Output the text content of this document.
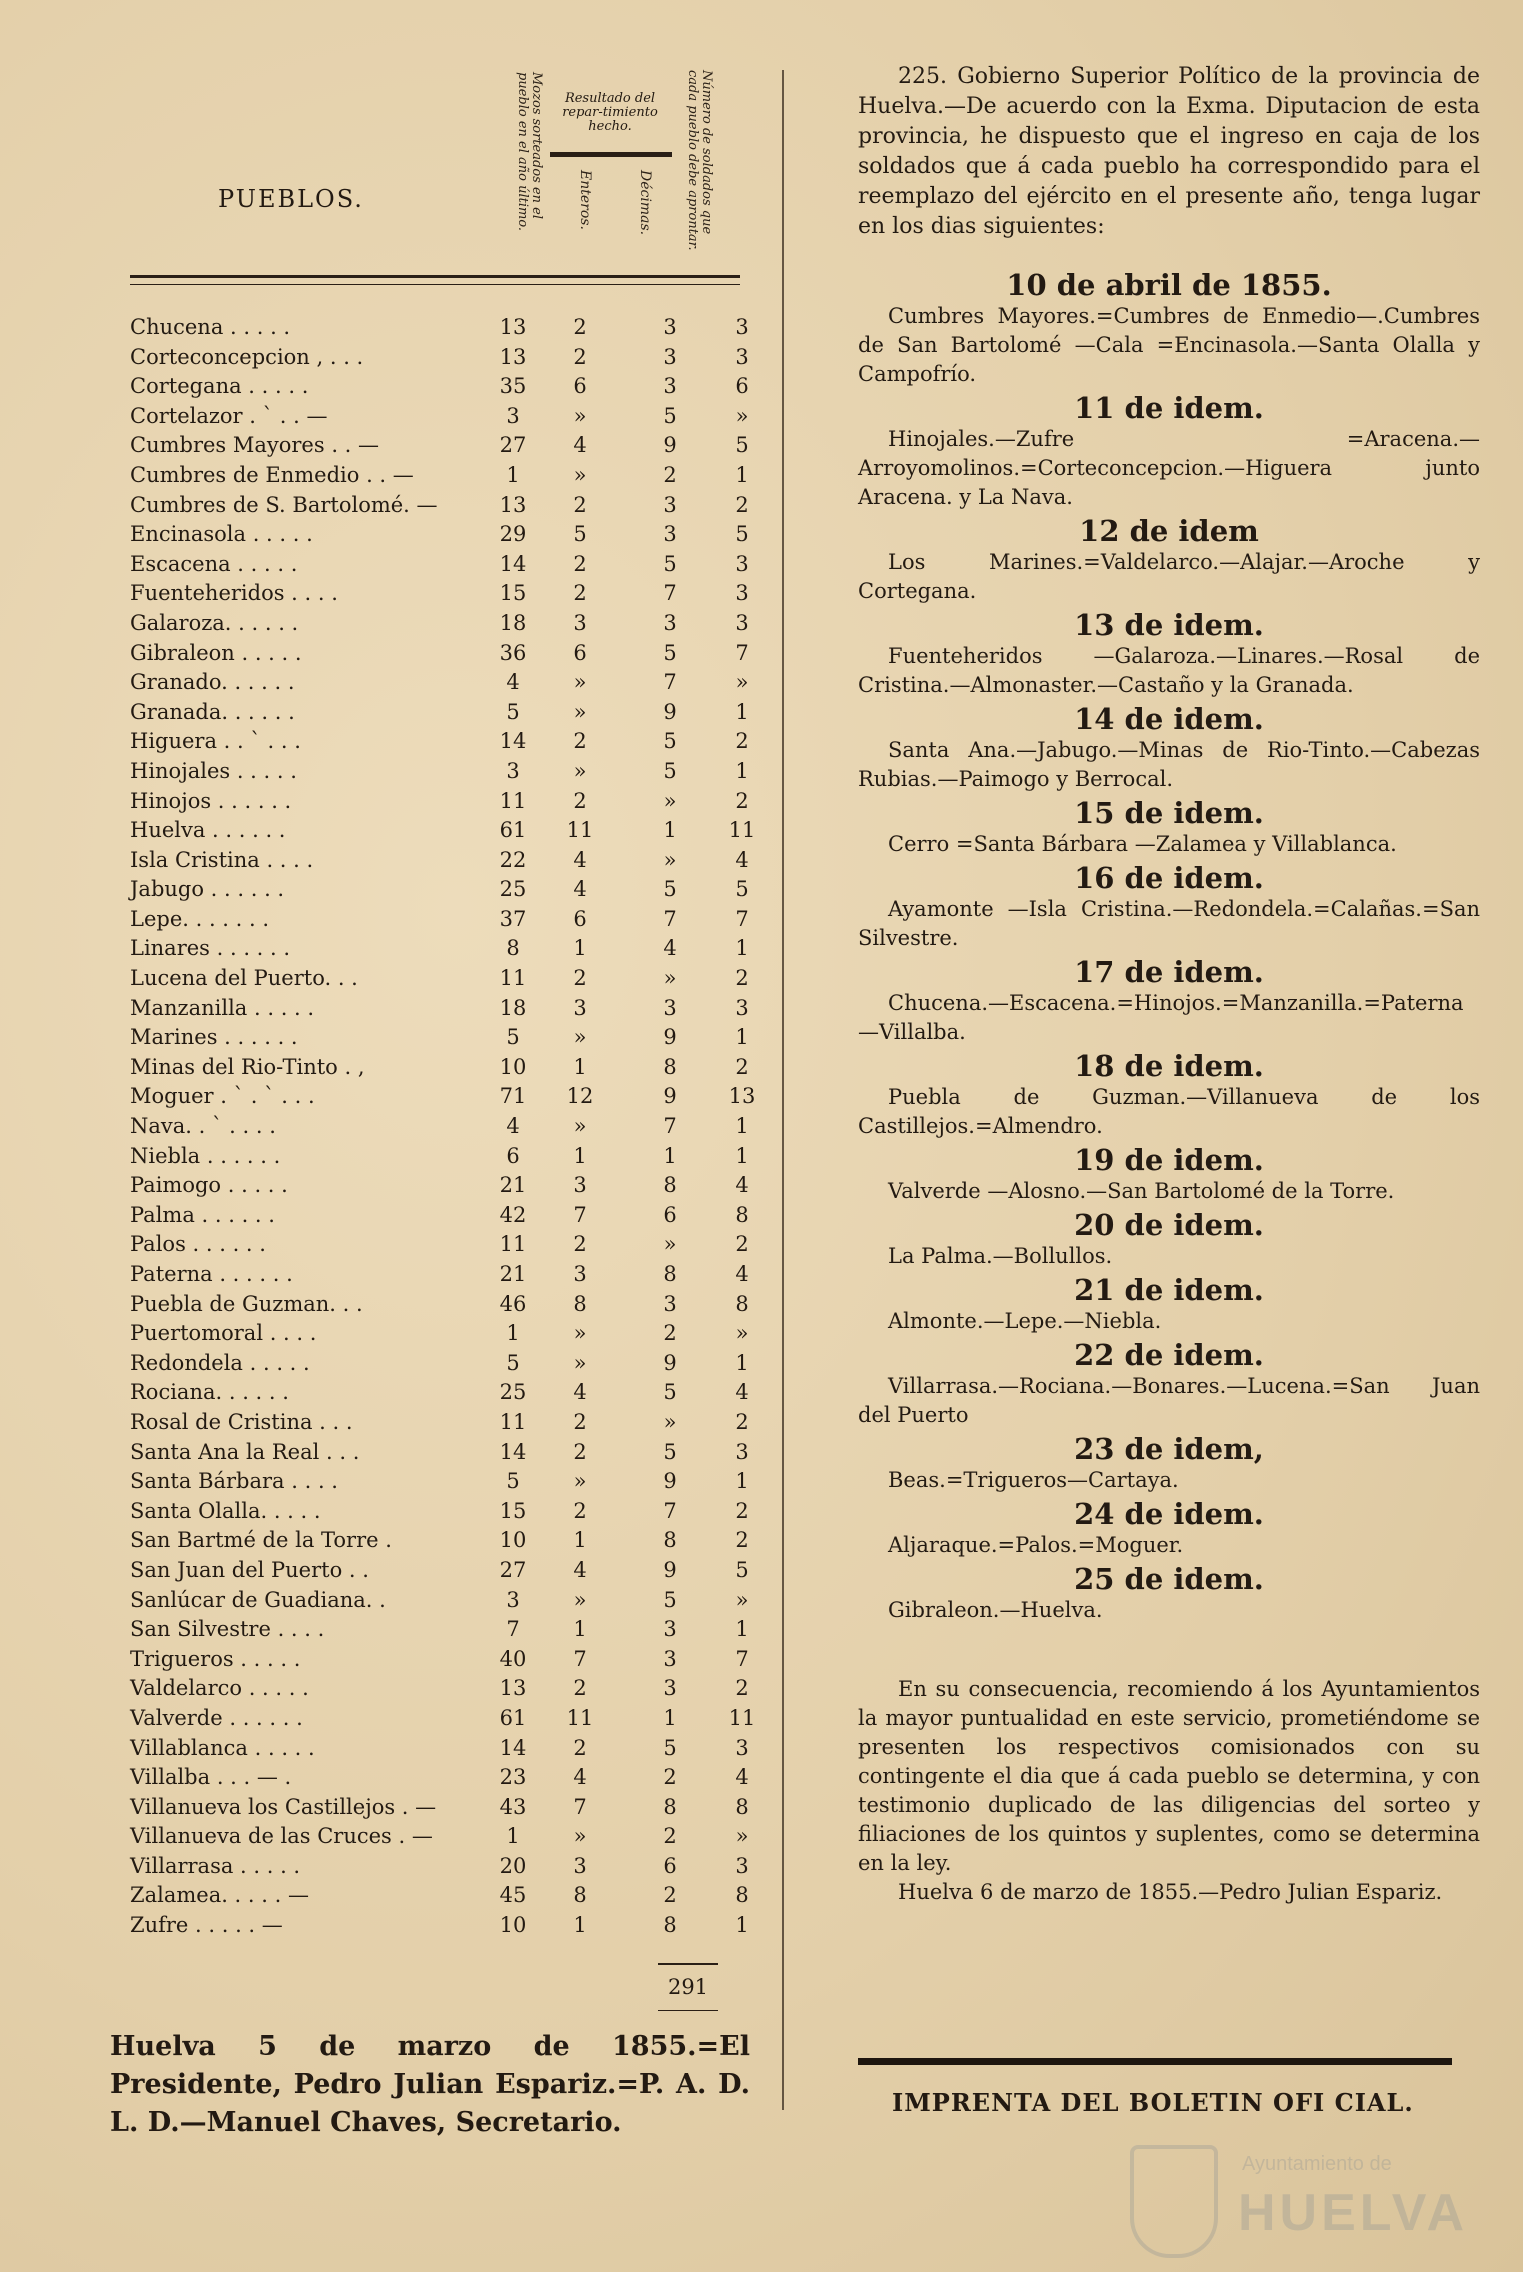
PUEBLOS.	Mozos sorteados en el pueblo en el año último.	Resultado del repar-timiento hecho.
Enteros.	Décimas.	Número de soldados que cada pueblo debe aprontar.
Chucena . . . . .	13	2	3	3
Corteconcepcion , . . .	13	2	3	3
Cortegana . . . . .	35	6	3	6
Cortelazor . ` . . —	3	»	5	»
Cumbres Mayores . . —	27	4	9	5
Cumbres de Enmedio . . —	1	»	2	1
Cumbres de S. Bartolomé. —	13	2	3	2
Encinasola . . . . .	29	5	3	5
Escacena . . . . .	14	2	5	3
Fuenteheridos . . . .	15	2	7	3
Galaroza. . . . . .	18	3	3	3
Gibraleon . . . . .	36	6	5	7
Granado. . . . . .	4	»	7	»
Granada. . . . . .	5	»	9	1
Higuera . . ` . . .	14	2	5	2
Hinojales . . . . .	3	»	5	1
Hinojos . . . . . .	11	2	»	2
Huelva . . . . . .	61	11	1	11
Isla Cristina . . . .	22	4	»	4
Jabugo . . . . . .	25	4	5	5
Lepe. . . . . . .	37	6	7	7
Linares . . . . . .	8	1	4	1
Lucena del Puerto. . .	11	2	»	2
Manzanilla . . . . .	18	3	3	3
Marines . . . . . .	5	»	9	1
Minas del Rio-Tinto . ,	10	1	8	2
Moguer . ` . ` . . .	71	12	9	13
Nava. . ` . . . .	4	»	7	1
Niebla . . . . . .	6	1	1	1
Paimogo . . . . .	21	3	8	4
Palma . . . . . .	42	7	6	8
Palos . . . . . .	11	2	»	2
Paterna . . . . . .	21	3	8	4
Puebla de Guzman. . .	46	8	3	8
Puertomoral . . . .	1	»	2	»
Redondela . . . . .	5	»	9	1
Rociana. . . . . .	25	4	5	4
Rosal de Cristina . . .	11	2	»	2
Santa Ana la Real . . .	14	2	5	3
Santa Bárbara . . . .	5	»	9	1
Santa Olalla. . . . .	15	2	7	2
San Bartmé de la Torre .	10	1	8	2
San Juan del Puerto . .	27	4	9	5
Sanlúcar de Guadiana. .	3	»	5	»
San Silvestre . . . .	7	1	3	1
Trigueros . . . . .	40	7	3	7
Valdelarco . . . . .	13	2	3	2
Valverde . . . . . .	61	11	1	11
Villablanca . . . . .	14	2	5	3
Villalba . . . — .	23	4	2	4
Villanueva los Castillejos . —	43	7	8	8
Villanueva de las Cruces . —	1	»	2	»
Villarrasa . . . . .	20	3	6	3
Zalamea. . . . . —	45	8	2	8
Zufre . . . . . —	10	1	8	1
291
Huelva 5 de marzo de 1855.=El Presidente, Pedro Julian Espariz.=P. A. D. L. D.—Manuel Chaves, Secretario.

225. Gobierno Superior Político de la provincia de Huelva.—De acuerdo con la Exma. Diputacion de esta provincia, he dispuesto que el ingreso en caja de los soldados que á cada pueblo ha correspondido para el reemplazo del ejército en el presente año, tenga lugar en los dias siguientes:

10 de abril de 1855.

Cumbres Mayores.=Cumbres de Enmedio—.Cumbres de San Bartolomé —Cala =Encinasola.—Santa Olalla y Campofrío.

11 de idem.

Hinojales.—Zufre =Aracena.—Arroyomolinos.=Corteconcepcion.—Higuera junto Aracena. y La Nava.

12 de idem

Los Marines.=Valdelarco.—Alajar.—Aroche y Cortegana.

13 de idem.

Fuenteheridos —Galaroza.—Linares.—Rosal de Cristina.—Almonaster.—Castaño y la Granada.

14 de idem.

Santa Ana.—Jabugo.—Minas de Rio-Tinto.—Cabezas Rubias.—Paimogo y Berrocal.

15 de idem.

Cerro =Santa Bárbara —Zalamea y Villablanca.

16 de idem.

Ayamonte —Isla Cristina.—Redondela.=Calañas.=San Silvestre.

17 de idem.

Chucena.—Escacena.=Hinojos.=Manzanilla.=Paterna —Villalba.

18 de idem.

Puebla de Guzman.—Villanueva de los Castillejos.=Almendro.

19 de idem.

Valverde —Alosno.—San Bartolomé de la Torre.

20 de idem.

La Palma.—Bollullos.

21 de idem.

Almonte.—Lepe.—Niebla.

22 de idem.

Villarrasa.—Rociana.—Bonares.—Lucena.=San Juan del Puerto

23 de idem,

Beas.=Trigueros—Cartaya.

24 de idem.

Aljaraque.=Palos.=Moguer.

25 de idem.

Gibraleon.—Huelva.

En su consecuencia, recomiendo á los Ayuntamientos la mayor puntualidad en este servicio, prometiéndome se presenten los respectivos comisionados con su contingente el dia que á cada pueblo se determina, y con testimonio duplicado de las diligencias del sorteo y filiaciones de los quintos y suplentes, como se determina en la ley.

Huelva 6 de marzo de 1855.—Pedro Julian Espariz.

IMPRENTA DEL BOLETIN OFI CIAL.
Ayuntamiento de
HUELVA
